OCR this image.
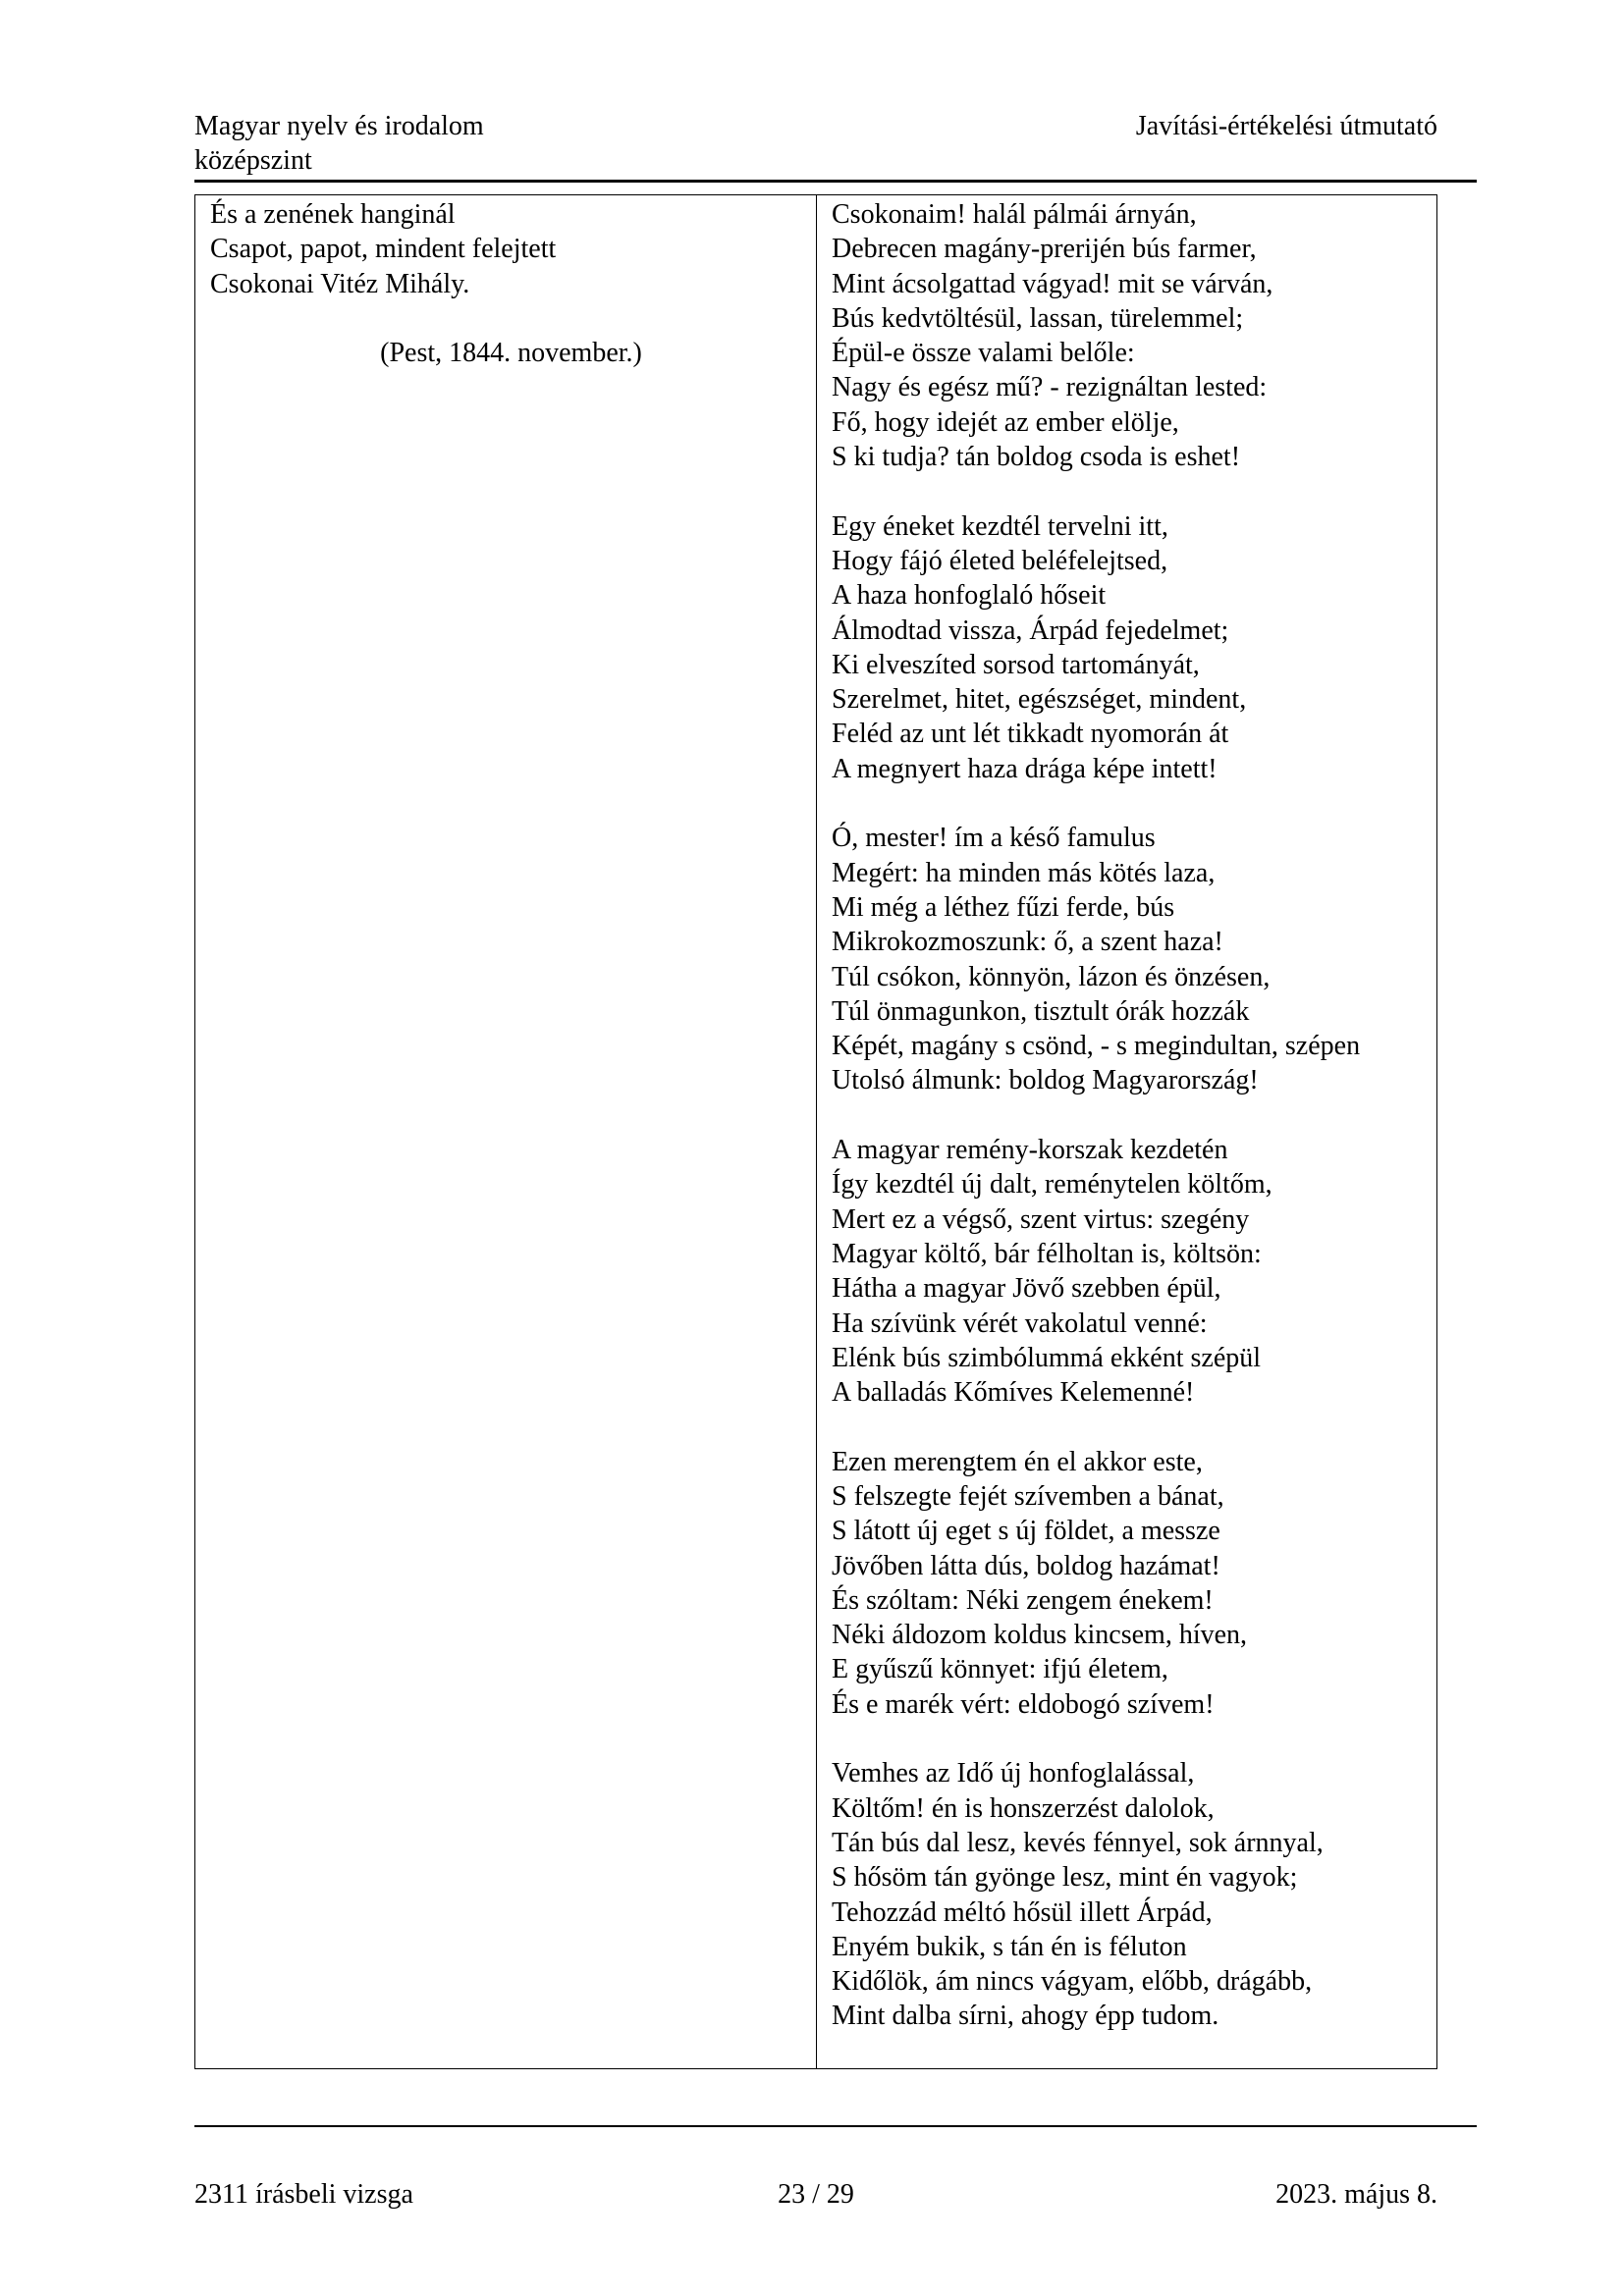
Magyar nyelv és irodalom
középszint
Javítási-értékelési útmutató
És a zenének hanginál
Csapot, papot, mindent felejtett
Csokonai Vitéz Mihály.
(Pest, 1844. november.)
Csokonaim! halál pálmái árnyán,
Debrecen magány-prerijén bús farmer,
Mint ácsolgattad vágyad! mit se várván,
Bús kedvtöltésül, lassan, türelemmel;
Épül-e össze valami belőle:
Nagy és egész mű? - rezignáltan lested:
Fő, hogy idejét az ember elölje,
S ki tudja? tán boldog csoda is eshet!
Egy éneket kezdtél tervelni itt,
Hogy fájó életed beléfelejtsed,
A haza honfoglaló hőseit
Álmodtad vissza, Árpád fejedelmet;
Ki elveszíted sorsod tartományát,
Szerelmet, hitet, egészséget, mindent,
Feléd az unt lét tikkadt nyomorán át
A megnyert haza drága képe intett!
Ó, mester! ím a késő famulus
Megért: ha minden más kötés laza,
Mi még a léthez fűzi ferde, bús
Mikrokozmoszunk: ő, a szent haza!
Túl csókon, könnyön, lázon és önzésen,
Túl önmagunkon, tisztult órák hozzák
Képét, magány s csönd, - s megindultan, szépen
Utolsó álmunk: boldog Magyarország!
A magyar remény-korszak kezdetén
Így kezdtél új dalt, reménytelen költőm,
Mert ez a végső, szent virtus: szegény
Magyar költő, bár félholtan is, költsön:
Hátha a magyar Jövő szebben épül,
Ha szívünk vérét vakolatul venné:
Elénk bús szimbólummá ekként szépül
A balladás Kőmíves Kelemenné!
Ezen merengtem én el akkor este,
S felszegte fejét szívemben a bánat,
S látott új eget s új földet, a messze
Jövőben látta dús, boldog hazámat!
És szóltam: Néki zengem énekem!
Néki áldozom koldus kincsem, híven,
E gyűszű könnyet: ifjú életem,
És e marék vért: eldobogó szívem!
Vemhes az Idő új honfoglalással,
Költőm! én is honszerzést dalolok,
Tán bús dal lesz, kevés fénnyel, sok árnnyal,
S hősöm tán gyönge lesz, mint én vagyok;
Tehozzád méltó hősül illett Árpád,
Enyém bukik, s tán én is féluton
Kidőlök, ám nincs vágyam, előbb, drágább,
Mint dalba sírni, ahogy épp tudom.
2311 írásbeli vizsga	23 / 29	2023. május 8.
